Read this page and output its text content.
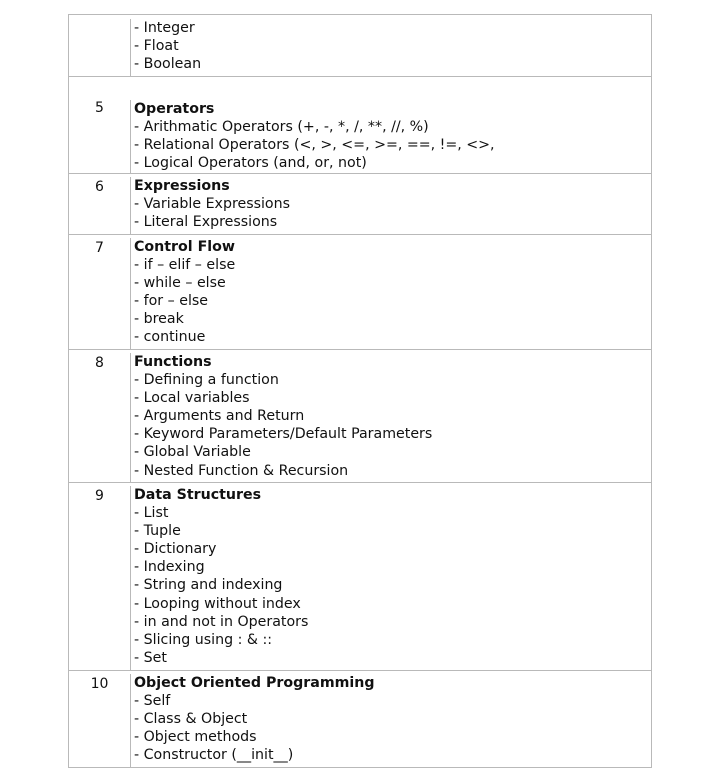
- Integer
- Float
- Boolean
5	Operators
- Arithmatic Operators (+, -, *, /, **, //, %)
- Relational Operators (<, >, <=, >=, ==, !=, <>,
- Logical Operators (and, or, not)
6	Expressions
- Variable Expressions
- Literal Expressions
7	Control Flow
- if – elif – else
- while – else
- for – else
- break
- continue
8	Functions
- Defining a function
- Local variables
- Arguments and Return
- Keyword Parameters/Default Parameters
- Global Variable
- Nested Function & Recursion
9	Data Structures
- List
- Tuple
- Dictionary
- Indexing
- String and indexing
- Looping without index
- in and not in Operators
- Slicing using : & ::
- Set
10	Object Oriented Programming
- Self
- Class & Object
- Object methods
- Constructor (__init__)
